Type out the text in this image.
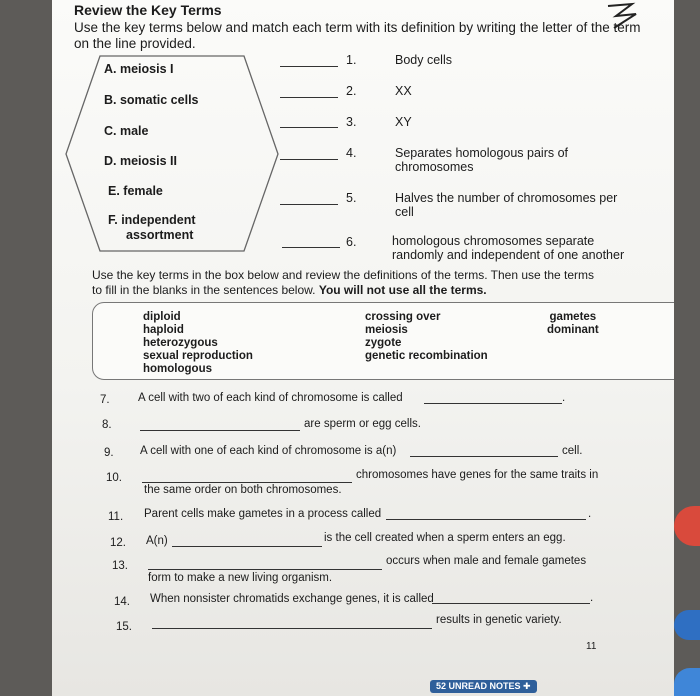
Review the Key Terms
Use the key terms below and match each term with its definition by writing the letter of the term
on the line provided.
A. meiosis I
B. somatic cells
C. male
D. meiosis II
E. female
F. independent
assortment
1.	Body cells
2.	XX
3.	XY
4.	Separates homologous pairs of
chromosomes
5.	Halves the number of chromosomes per
cell
6.	homologous chromosomes separate
randomly and independent of one another
Use the key terms in the box below and review the definitions of the terms. Then use the terms
to fill in the blanks in the sentences below. You will not use all the terms.
diploid
haploid
heterozygous
sexual reproduction
homologous
crossing over
meiosis
zygote
genetic recombination
gametes
dominant
7. A cell with two of each kind of chromosome is called	.
8.	are sperm or egg cells.
9. A cell with one of each kind of chromosome is a(n)	cell.
10.	chromosomes have genes for the same traits in
the same order on both chromosomes.
11. Parent cells make gametes in a process called	.
12. A(n)	is the cell created when a sperm enters an egg.
13.	occurs when male and female gametes
form to make a new living organism.
14. When nonsister chromatids exchange genes, it is called	.
15.
results in genetic variety.
11
52 UNREAD NOTES ✚
